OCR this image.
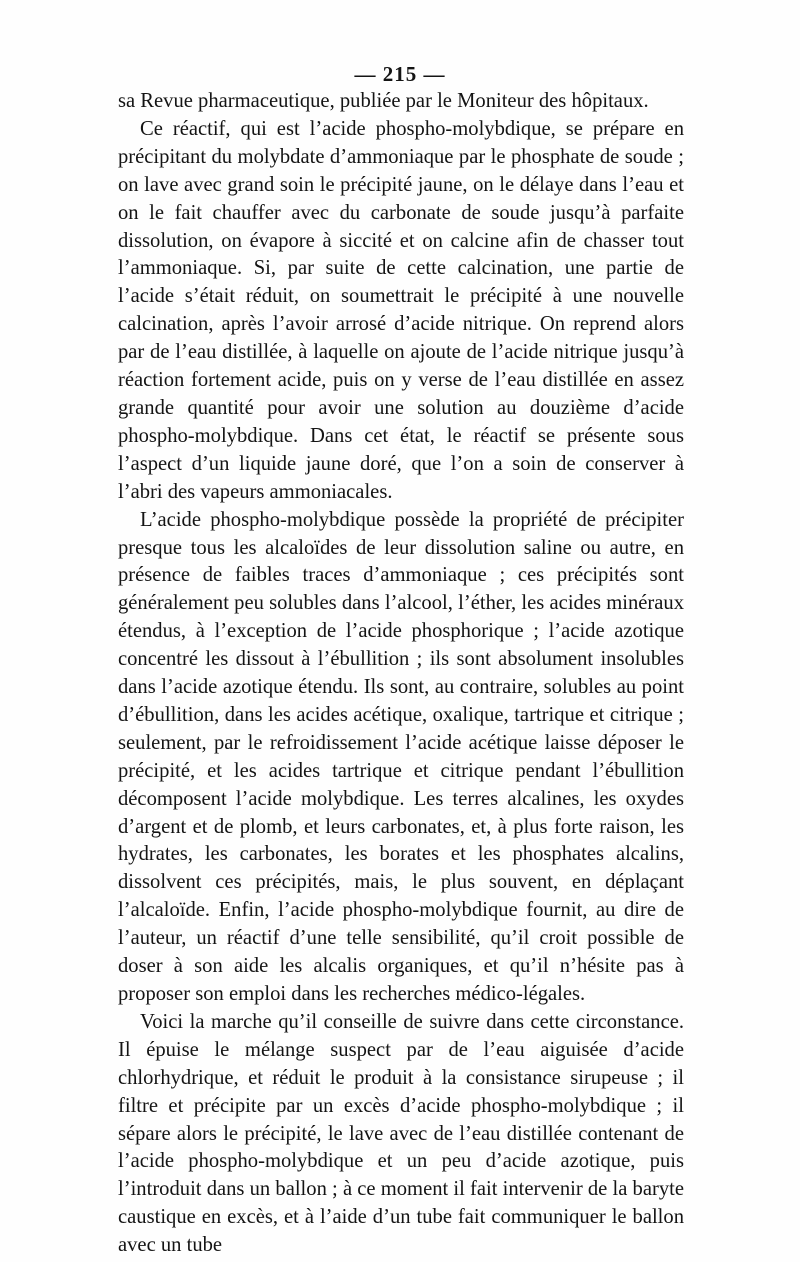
— 215 —

sa Revue pharmaceutique, publiée par le Moniteur des hôpitaux.

Ce réactif, qui est l’acide phospho-molybdique, se prépare en précipitant du molybdate d’ammoniaque par le phosphate de soude ; on lave avec grand soin le précipité jaune, on le délaye dans l’eau et on le fait chauffer avec du carbonate de soude jusqu’à parfaite dissolution, on évapore à siccité et on calcine afin de chasser tout l’ammoniaque. Si, par suite de cette calcination, une partie de l’acide s’était réduit, on soumettrait le précipité à une nouvelle calcination, après l’avoir arrosé d’acide nitrique. On reprend alors par de l’eau distillée, à laquelle on ajoute de l’acide nitrique jusqu’à réaction fortement acide, puis on y verse de l’eau distillée en assez grande quantité pour avoir une solution au douzième d’acide phospho-molybdique. Dans cet état, le réactif se présente sous l’aspect d’un liquide jaune doré, que l’on a soin de conserver à l’abri des vapeurs ammoniacales.

L’acide phospho-molybdique possède la propriété de précipiter presque tous les alcaloïdes de leur dissolution saline ou autre, en présence de faibles traces d’ammoniaque ; ces précipités sont généralement peu solubles dans l’alcool, l’éther, les acides minéraux étendus, à l’exception de l’acide phosphorique ; l’acide azotique concentré les dissout à l’ébullition ; ils sont absolument insolubles dans l’acide azotique étendu. Ils sont, au contraire, solubles au point d’ébullition, dans les acides acétique, oxalique, tartrique et citrique ; seulement, par le refroidissement l’acide acétique laisse déposer le précipité, et les acides tartrique et citrique pendant l’ébullition décomposent l’acide molybdique. Les terres alcalines, les oxydes d’argent et de plomb, et leurs carbonates, et, à plus forte raison, les hydrates, les carbonates, les borates et les phosphates alcalins, dissolvent ces précipités, mais, le plus souvent, en déplaçant l’alcaloïde. Enfin, l’acide phospho-molybdique fournit, au dire de l’auteur, un réactif d’une telle sensibilité, qu’il croit possible de doser à son aide les alcalis organiques, et qu’il n’hésite pas à proposer son emploi dans les recherches médico-légales.

Voici la marche qu’il conseille de suivre dans cette circonstance. Il épuise le mélange suspect par de l’eau aiguisée d’acide chlorhydrique, et réduit le produit à la consistance sirupeuse ; il filtre et précipite par un excès d’acide phospho-molybdique ; il sépare alors le précipité, le lave avec de l’eau distillée contenant de l’acide phospho-molybdique et un peu d’acide azotique, puis l’introduit dans un ballon ; à ce moment il fait intervenir de la baryte caustique en excès, et à l’aide d’un tube fait communiquer le ballon avec un tube
